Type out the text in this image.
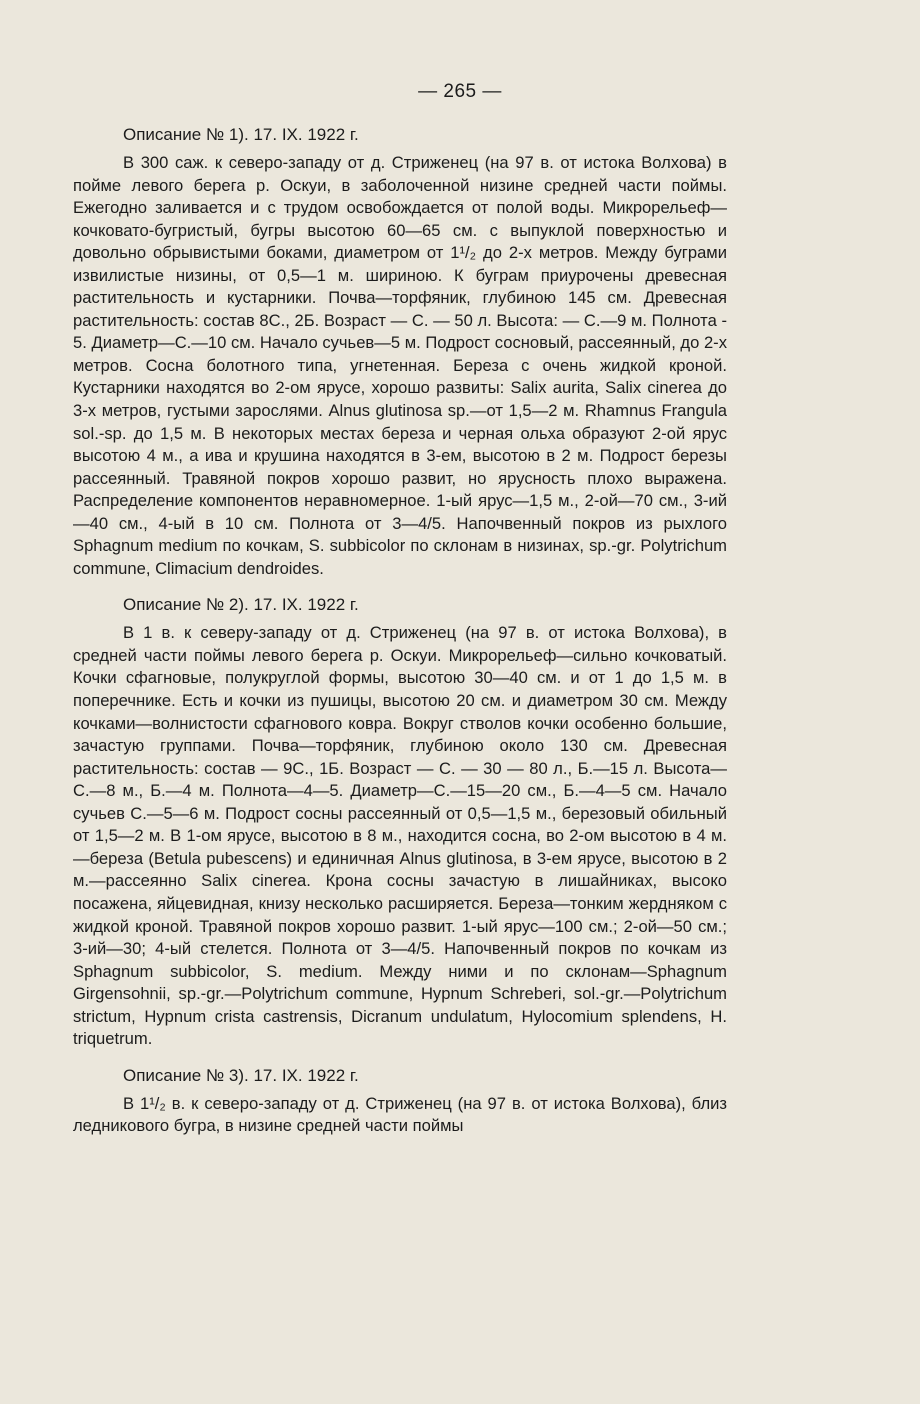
— 265 —
Описание № 1). 17. IX. 1922 г.

В 300 саж. к северо-западу от д. Стриженец (на 97 в. от истока Волхова) в пойме левого берега р. Оскуи, в заболоченной низине средней части поймы. Ежегодно заливается и с трудом освобождается от полой воды. Микрорельеф—кочковато-бугристый, бугры высотою 60—65 см. с выпуклой поверхностью и довольно обрывистыми боками, диаметром от 1¹/₂ до 2-х метров. Между буграми извилистые низины, от 0,5—1 м. шириною. К буграм приурочены древесная растительность и кустарники. Почва—торфяник, глубиною 145 см. Древесная растительность: состав 8С., 2Б. Возраст — С. — 50 л. Высота: — С.—9 м. Полнота - 5. Диаметр—С.—10 см. Начало сучьев—5 м. Подрост сосновый, рассеянный, до 2-х метров. Сосна болотного типа, угнетенная. Береза с очень жидкой кроной. Кустарники находятся во 2-ом ярусе, хорошо развиты: Salix aurita, Salix cinerea до 3-х метров, густыми зарослями. Alnus glutinosa sp.—от 1,5—2 м. Rhamnus Frangula sol.-sp. до 1,5 м. В некоторых местах береза и черная ольха образуют 2-ой ярус высотою 4 м., а ива и крушина находятся в 3-ем, высотою в 2 м. Подрост березы рассеянный. Травяной покров хорошо развит, но ярусность плохо выражена. Распределение компонентов неравномерное. 1-ый ярус—1,5 м., 2-ой—70 см., 3-ий—40 см., 4-ый в 10 см. Полнота от 3—4/5. Напочвенный покров из рыхлого Sphagnum medium по кочкам, S. subbicolor по склонам в низинах, sp.-gr. Polytrichum commune, Climacium dendroides.

Описание № 2). 17. IX. 1922 г.

В 1 в. к северу-западу от д. Стриженец (на 97 в. от истока Волхова), в средней части поймы левого берега р. Оскуи. Микрорельеф—сильно кочковатый. Кочки сфагновые, полукруглой формы, высотою 30—40 см. и от 1 до 1,5 м. в поперечнике. Есть и кочки из пушицы, высотою 20 см. и диаметром 30 см. Между кочками—волнистости сфагнового ковра. Вокруг стволов кочки особенно большие, зачастую группами. Почва—торфяник, глубиною около 130 см. Древесная растительность: состав — 9С., 1Б. Возраст — С. — 30 — 80 л., Б.—15 л. Высота—С.—8 м., Б.—4 м. Полнота—4—5. Диаметр—С.—15—20 см., Б.—4—5 см. Начало сучьев С.—5—6 м. Подрост сосны рассеянный от 0,5—1,5 м., березовый обильный от 1,5—2 м. В 1-ом ярусе, высотою в 8 м., находится сосна, во 2-ом высотою в 4 м.—береза (Betula pubescens) и единичная Alnus glutinosa, в 3-ем ярусе, высотою в 2 м.—рассеянно Salix cinerea. Крона сосны зачастую в лишайниках, высоко посажена, яйцевидная, книзу несколько расширяется. Береза—тонким жердняком с жидкой кроной. Травяной покров хорошо развит. 1-ый ярус—100 см.; 2-ой—50 см.; 3-ий—30; 4-ый стелется. Полнота от 3—4/5. Напочвенный покров по кочкам из Sphagnum subbicolor, S. medium. Между ними и по склонам—Sphagnum Girgensohnii, sp.-gr.—Polytrichum commune, Hypnum Schreberi, sol.-gr.—Polytrichum strictum, Hypnum crista castrensis, Dicranum undulatum, Hylocomium splendens, H. triquetrum.

Описание № 3). 17. IX. 1922 г.

В 1¹/₂ в. к северо-западу от д. Стриженец (на 97 в. от истока Волхова), близ ледникового бугра, в низине средней части поймы
